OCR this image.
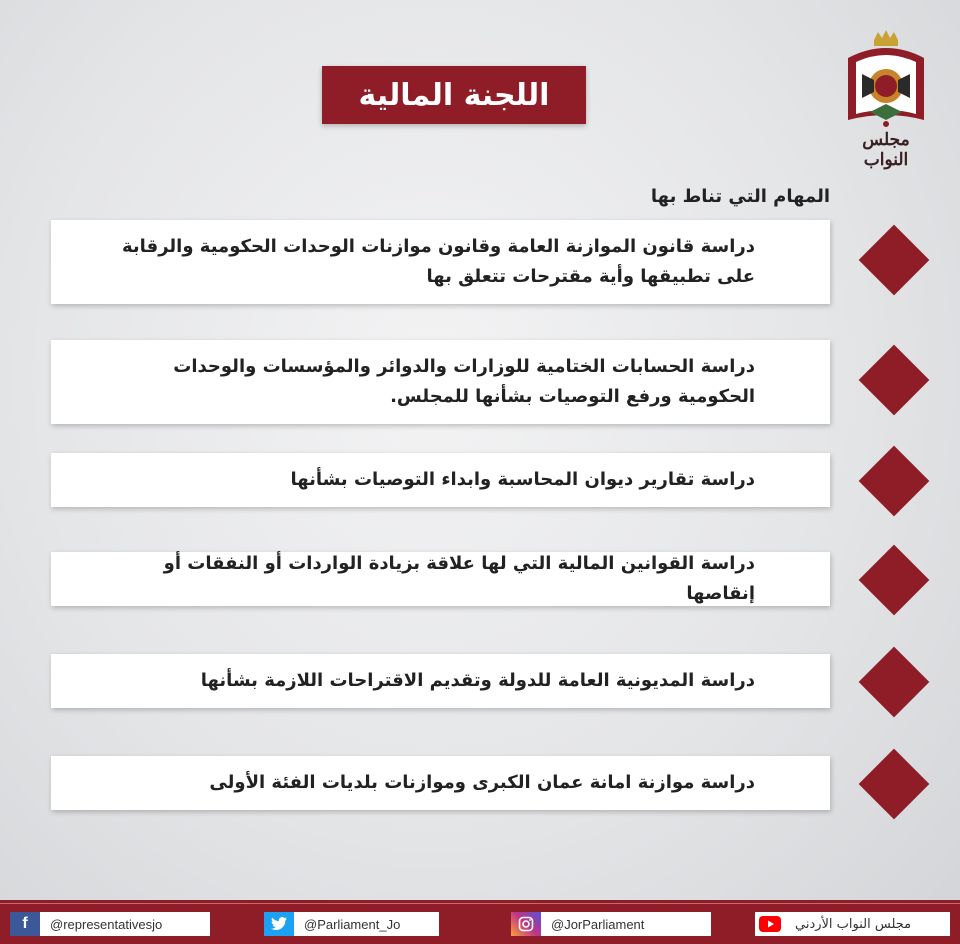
مجلس النواب
اللجنة المالية
المهام التي تناط بها
دراسة قانون الموازنة العامة وقانون موازنات الوحدات الحكومية والرقابة على تطبيقها وأية مقترحات تتعلق بها
دراسة الحسابات الختامية للوزارات والدوائر والمؤسسات والوحدات الحكومية ورفع التوصيات بشأنها للمجلس.
دراسة تقارير ديوان المحاسبة وابداء التوصيات بشأنها
دراسة القوانين المالية التي لها علاقة بزيادة الواردات أو النفقات أو إنقاصها
دراسة المديونية العامة للدولة وتقديم الاقتراحات اللازمة بشأنها
دراسة موازنة امانة عمان الكبرى وموازنات بلديات الفئة الأولى
f	@representativesjo	@Parliament_Jo	@JorParliament	مجلس النواب الأردني
